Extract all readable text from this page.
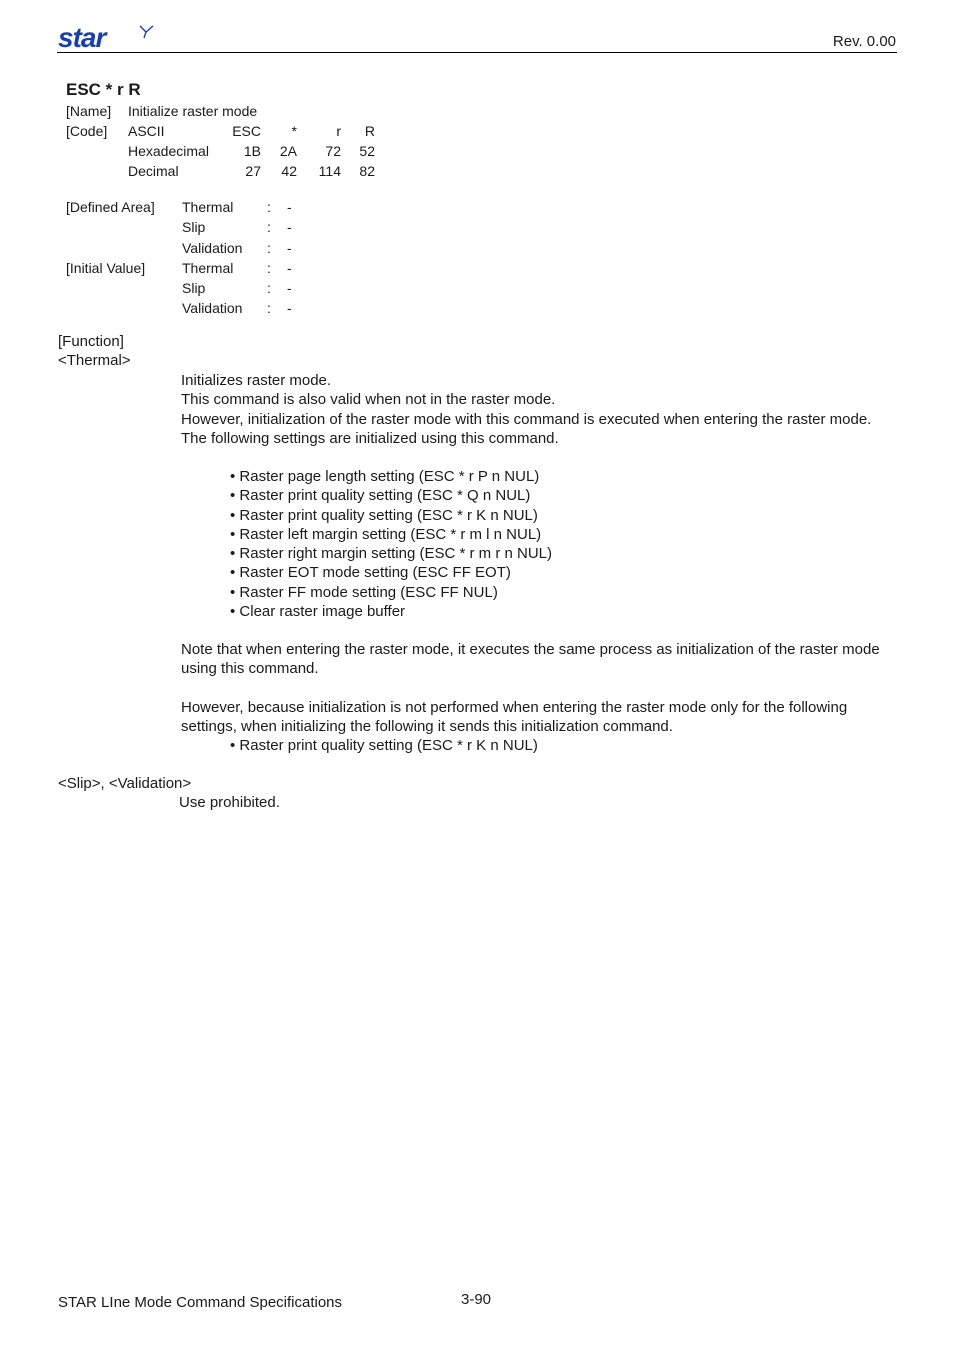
star	Rev. 0.00
ESC * r R
[Name] Initialize raster mode
[Code] ASCII	ESC	*	r	R
Hexadecimal	1B	2A	72	52
Decimal	27	42	114	82
[Defined Area] Thermal : -
Slip	: -
Validation : -
[Initial Value]	Thermal : -
Slip	: -
Validation : -
[Function]
<Thermal>
Initializes raster mode.
This command is also valid when not in the raster mode.
However, initialization of the raster mode with this command is executed when entering the raster mode.
The following settings are initialized using this command.
• Raster page length setting (ESC * r P n NUL)
• Raster print quality setting (ESC * Q n NUL)
• Raster print quality setting (ESC * r K n NUL)
• Raster left margin setting (ESC * r m l n NUL)
• Raster right margin setting (ESC * r m r n NUL)
• Raster EOT mode setting (ESC FF EOT)
• Raster FF mode setting (ESC FF NUL)
• Clear raster image buffer
Note that when entering the raster mode, it executes the same process as initialization of the raster mode using this command.
However, because initialization is not performed when entering the raster mode only for the following settings, when initializing the following it sends this initialization command.
• Raster print quality setting (ESC * r K n NUL)
<Slip>, <Validation>
Use prohibited.
STAR LIne Mode Command Specifications	3-90
